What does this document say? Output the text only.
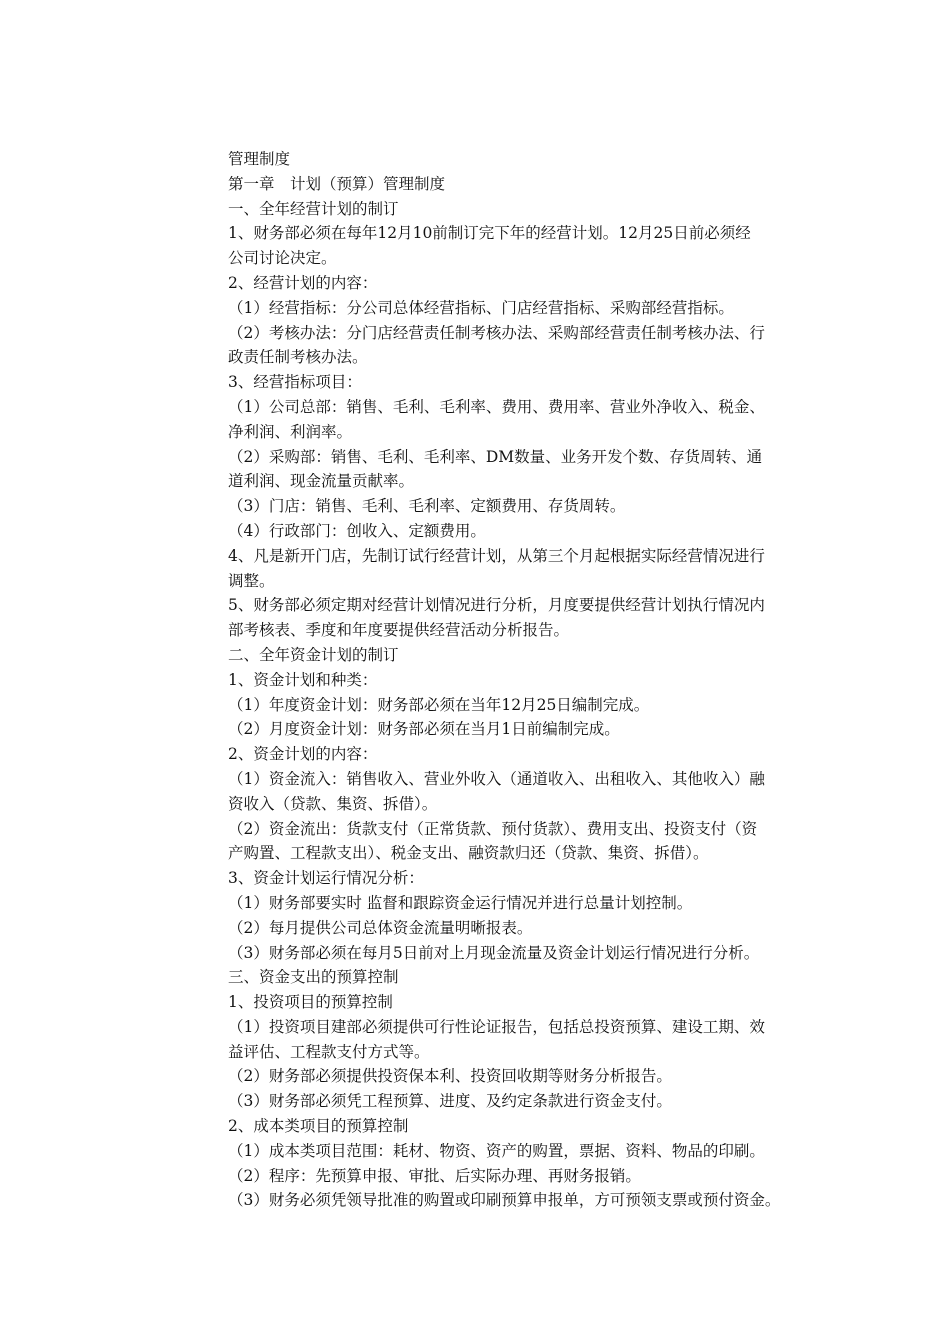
管理制度
第一章　计划（预算）管理制度
一、全年经营计划的制订
1、财务部必须在每年12月10前制订完下年的经营计划。12月25日前必须经
公司讨论决定。
2、经营计划的内容：
（1）经营指标：分公司总体经营指标、门店经营指标、采购部经营指标。
（2）考核办法：分门店经营责任制考核办法、采购部经营责任制考核办法、行
政责任制考核办法。
3、经营指标项目：
（1）公司总部：销售、毛利、毛利率、费用、费用率、营业外净收入、税金、
净利润、利润率。
（2）采购部：销售、毛利、毛利率、DM数量、业务开发个数、存货周转、通
道利润、现金流量贡献率。
（3）门店：销售、毛利、毛利率、定额费用、存货周转。
（4）行政部门：创收入、定额费用。
4、凡是新开门店，先制订试行经营计划，从第三个月起根据实际经营情况进行
调整。
5、财务部必须定期对经营计划情况进行分析，月度要提供经营计划执行情况内
部考核表、季度和年度要提供经营活动分析报告。
二、全年资金计划的制订
1、资金计划和种类：
（1）年度资金计划：财务部必须在当年12月25日编制完成。
（2）月度资金计划：财务部必须在当月1日前编制完成。
2、资金计划的内容：
（1）资金流入：销售收入、营业外收入（通道收入、出租收入、其他收入）融
资收入（贷款、集资、拆借）。
（2）资金流出：货款支付（正常货款、预付货款）、费用支出、投资支付（资
产购置、工程款支出）、税金支出、融资款归还（贷款、集资、拆借）。
3、资金计划运行情况分析：
（1）财务部要实时 监督和跟踪资金运行情况并进行总量计划控制。
（2）每月提供公司总体资金流量明晰报表。
（3）财务部必须在每月5日前对上月现金流量及资金计划运行情况进行分析。
三、资金支出的预算控制
1、投资项目的预算控制
（1）投资项目建部必须提供可行性论证报告，包括总投资预算、建设工期、效
益评估、工程款支付方式等。
（2）财务部必须提供投资保本利、投资回收期等财务分析报告。
（3）财务部必须凭工程预算、进度、及约定条款进行资金支付。
2、成本类项目的预算控制
（1）成本类项目范围：耗材、物资、资产的购置，票据、资料、物品的印刷。
（2）程序：先预算申报、审批、后实际办理、再财务报销。
（3）财务必须凭领导批准的购置或印刷预算申报单，方可预领支票或预付资金。
